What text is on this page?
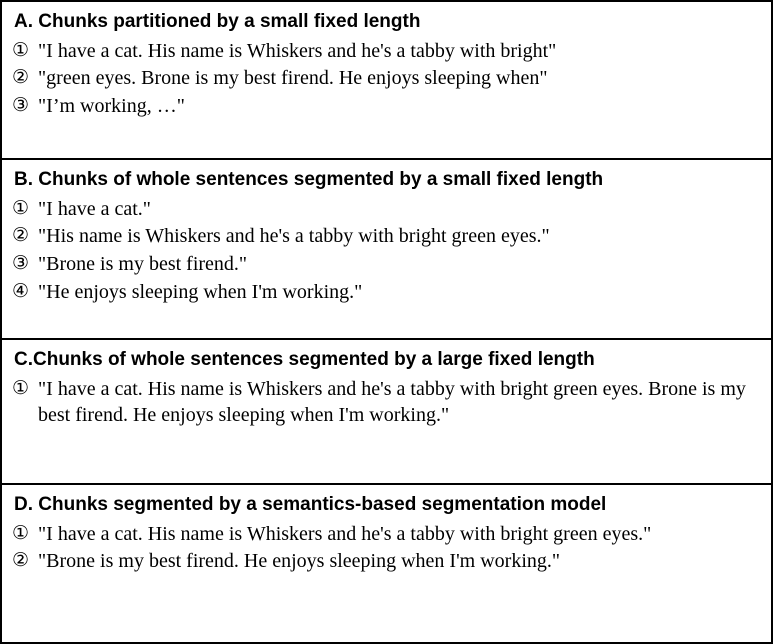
A. Chunks partitioned by a small fixed length
① "I have a cat. His name is Whiskers and he's a tabby with bright"
② "green eyes. Brone is my best firend. He enjoys sleeping when"
③ "I’m working, …"
B. Chunks of whole sentences segmented by a small fixed length
① "I have a cat."
② "His name is Whiskers and he's a tabby with bright green eyes."
③ "Brone is my best firend."
④ "He enjoys sleeping when I'm working."
C.Chunks of whole sentences segmented by a large fixed length
① "I have a cat. His name is Whiskers and he's a tabby with bright green eyes. Brone is my best firend. He enjoys sleeping when I'm working."
D. Chunks segmented by a semantics-based segmentation model
① "I have a cat. His name is Whiskers and he's a tabby with bright green eyes."
② "Brone is my best firend. He enjoys sleeping when I'm working."
